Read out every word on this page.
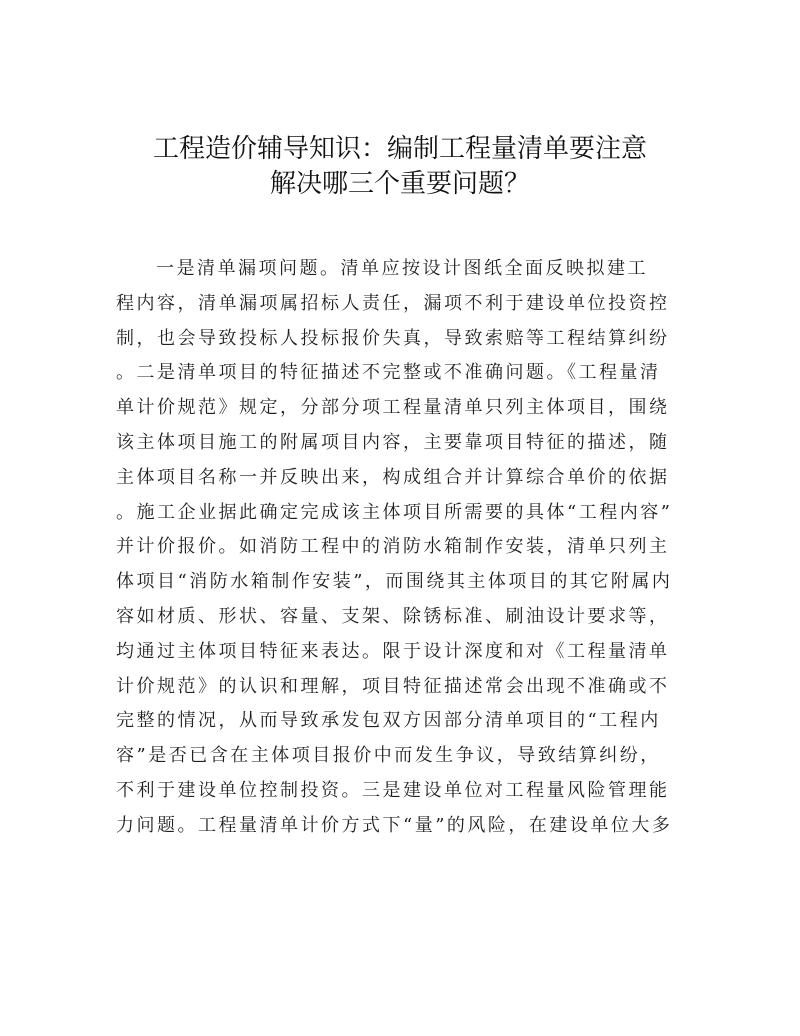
工程造价辅导知识：编制工程量清单要注意
解决哪三个重要问题？
一是清单漏项问题。清单应按设计图纸全面反映拟建工
程内容，清单漏项属招标人责任，漏项不利于建设单位投资控
制，也会导致投标人投标报价失真，导致索赔等工程结算纠纷
。二是清单项目的特征描述不完整或不准确问题。《工程量清
单计价规范》规定，分部分项工程量清单只列主体项目，围绕
该主体项目施工的附属项目内容，主要靠项目特征的描述，随
主体项目名称一并反映出来，构成组合并计算综合单价的依据
。施工企业据此确定完成该主体项目所需要的具体“工程内容”
并计价报价。如消防工程中的消防水箱制作安装，清单只列主
体项目“消防水箱制作安装”，而围绕其主体项目的其它附属内
容如材质、形状、容量、支架、除锈标准、刷油设计要求等，
均通过主体项目特征来表达。限于设计深度和对《工程量清单
计价规范》的认识和理解，项目特征描述常会出现不准确或不
完整的情况，从而导致承发包双方因部分清单项目的“工程内
容”是否已含在主体项目报价中而发生争议，导致结算纠纷，
不利于建设单位控制投资。三是建设单位对工程量风险管理能
力问题。工程量清单计价方式下“量”的风险，在建设单位大多
